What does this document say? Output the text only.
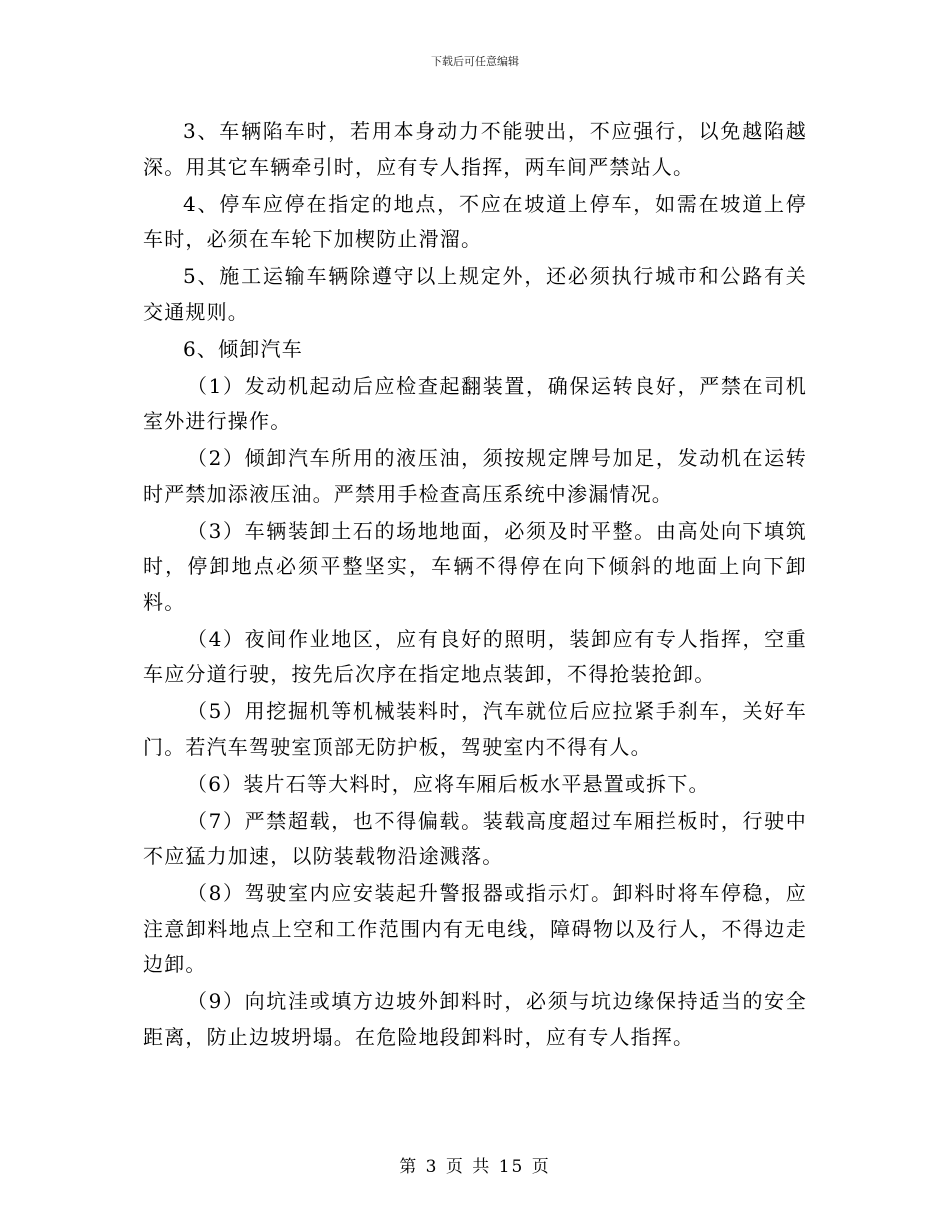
下载后可任意编辑

3、车辆陷车时，若用本身动力不能驶出，不应强行，以免越陷越深。用其它车辆牵引时，应有专人指挥，两车间严禁站人。

4、停车应停在指定的地点，不应在坡道上停车，如需在坡道上停车时，必须在车轮下加楔防止滑溜。

5、施工运输车辆除遵守以上规定外，还必须执行城市和公路有关交通规则。

6、倾卸汽车

（1）发动机起动后应检查起翻装置，确保运转良好，严禁在司机室外进行操作。

（2）倾卸汽车所用的液压油，须按规定牌号加足，发动机在运转时严禁加添液压油。严禁用手检查高压系统中渗漏情况。

（3）车辆装卸土石的场地地面，必须及时平整。由高处向下填筑时，停卸地点必须平整坚实，车辆不得停在向下倾斜的地面上向下卸料。

（4）夜间作业地区，应有良好的照明，装卸应有专人指挥，空重车应分道行驶，按先后次序在指定地点装卸，不得抢装抢卸。

（5）用挖掘机等机械装料时，汽车就位后应拉紧手刹车，关好车门。若汽车驾驶室顶部无防护板，驾驶室内不得有人。

（6）装片石等大料时，应将车厢后板水平悬置或拆下。

（7）严禁超载，也不得偏载。装载高度超过车厢拦板时，行驶中不应猛力加速，以防装载物沿途溅落。

（8）驾驶室内应安装起升警报器或指示灯。卸料时将车停稳，应注意卸料地点上空和工作范围内有无电线，障碍物以及行人，不得边走边卸。

（9）向坑洼或填方边坡外卸料时，必须与坑边缘保持适当的安全距离，防止边坡坍塌。在危险地段卸料时，应有专人指挥。

第 3 页 共 15 页
